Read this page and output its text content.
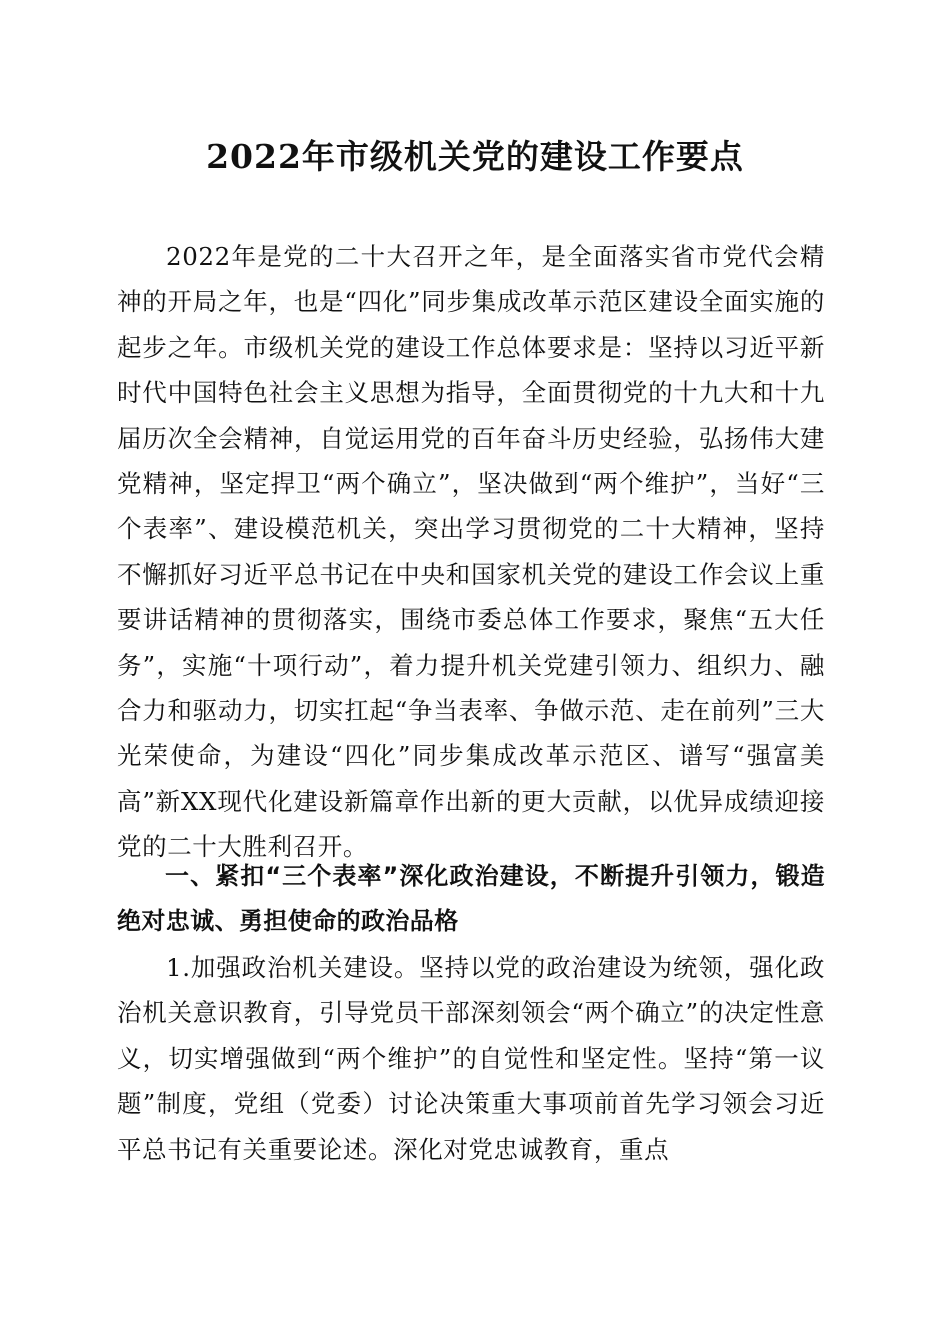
2022年市级机关党的建设工作要点

2022年是党的二十大召开之年，是全面落实省市党代会精神的开局之年，也是“四化”同步集成改革示范区建设全面实施的起步之年。市级机关党的建设工作总体要求是：坚持以习近平新时代中国特色社会主义思想为指导，全面贯彻党的十九大和十九届历次全会精神，自觉运用党的百年奋斗历史经验，弘扬伟大建党精神，坚定捍卫“两个确立”，坚决做到“两个维护”，当好“三个表率”、建设模范机关，突出学习贯彻党的二十大精神，坚持不懈抓好习近平总书记在中央和国家机关党的建设工作会议上重要讲话精神的贯彻落实，围绕市委总体工作要求，聚焦“五大任务”，实施“十项行动”，着力提升机关党建引领力、组织力、融合力和驱动力，切实扛起“争当表率、争做示范、走在前列”三大光荣使命，为建设“四化”同步集成改革示范区、谱写“强富美高”新XX现代化建设新篇章作出新的更大贡献，以优异成绩迎接党的二十大胜利召开。

一、紧扣“三个表率”深化政治建设，不断提升引领力，锻造绝对忠诚、勇担使命的政治品格

1.加强政治机关建设。坚持以党的政治建设为统领，强化政治机关意识教育，引导党员干部深刻领会“两个确立”的决定性意义，切实增强做到“两个维护”的自觉性和坚定性。坚持“第一议题”制度，党组（党委）讨论决策重大事项前首先学习领会习近平总书记有关重要论述。深化对党忠诚教育，重点
